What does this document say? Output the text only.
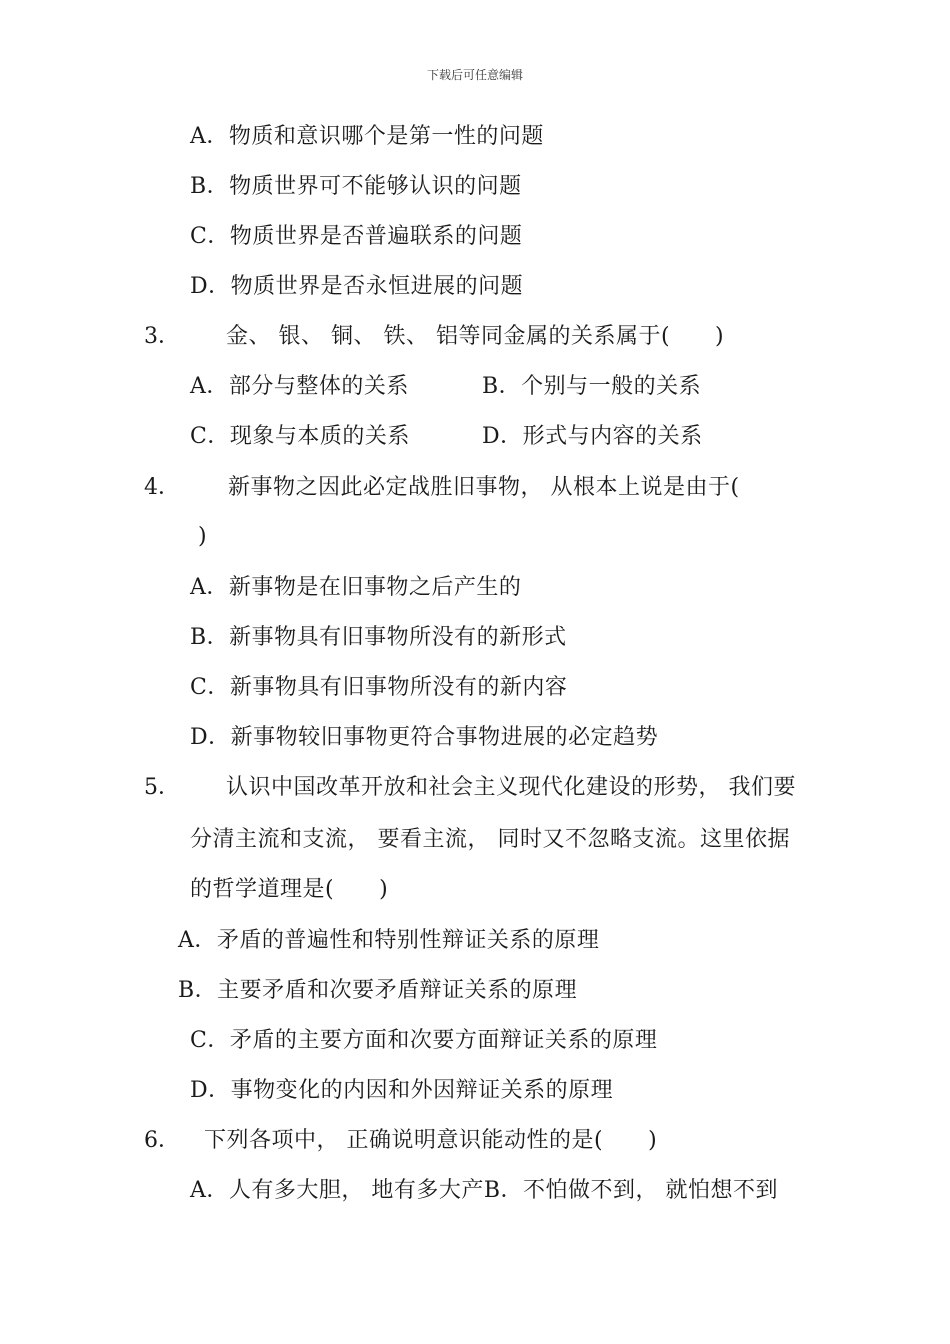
下载后可任意编辑
A．物质和意识哪个是第一性的问题
B．物质世界可不能够认识的问题
C．物质世界是否普遍联系的问题
D．物质世界是否永恒进展的问题
3． 金、 银、 铜、 铁、 铝等同金属的关系属于(　　)
A．部分与整体的关系	B．个别与一般的关系
C．现象与本质的关系	D．形式与内容的关系
4． 新事物之因此必定战胜旧事物， 从根本上说是由于(
)
A．新事物是在旧事物之后产生的
B．新事物具有旧事物所没有的新形式
C．新事物具有旧事物所没有的新内容
D．新事物较旧事物更符合事物进展的必定趋势
5． 认识中国改革开放和社会主义现代化建设的形势， 我们要
分清主流和支流， 要看主流， 同时又不忽略支流。这里依据
的哲学道理是(　　)
A．矛盾的普遍性和特别性辩证关系的原理
B．主要矛盾和次要矛盾辩证关系的原理
C．矛盾的主要方面和次要方面辩证关系的原理
D．事物变化的内因和外因辩证关系的原理
6． 下列各项中， 正确说明意识能动性的是(　　)
A．人有多大胆， 地有多大产B．不怕做不到， 就怕想不到
